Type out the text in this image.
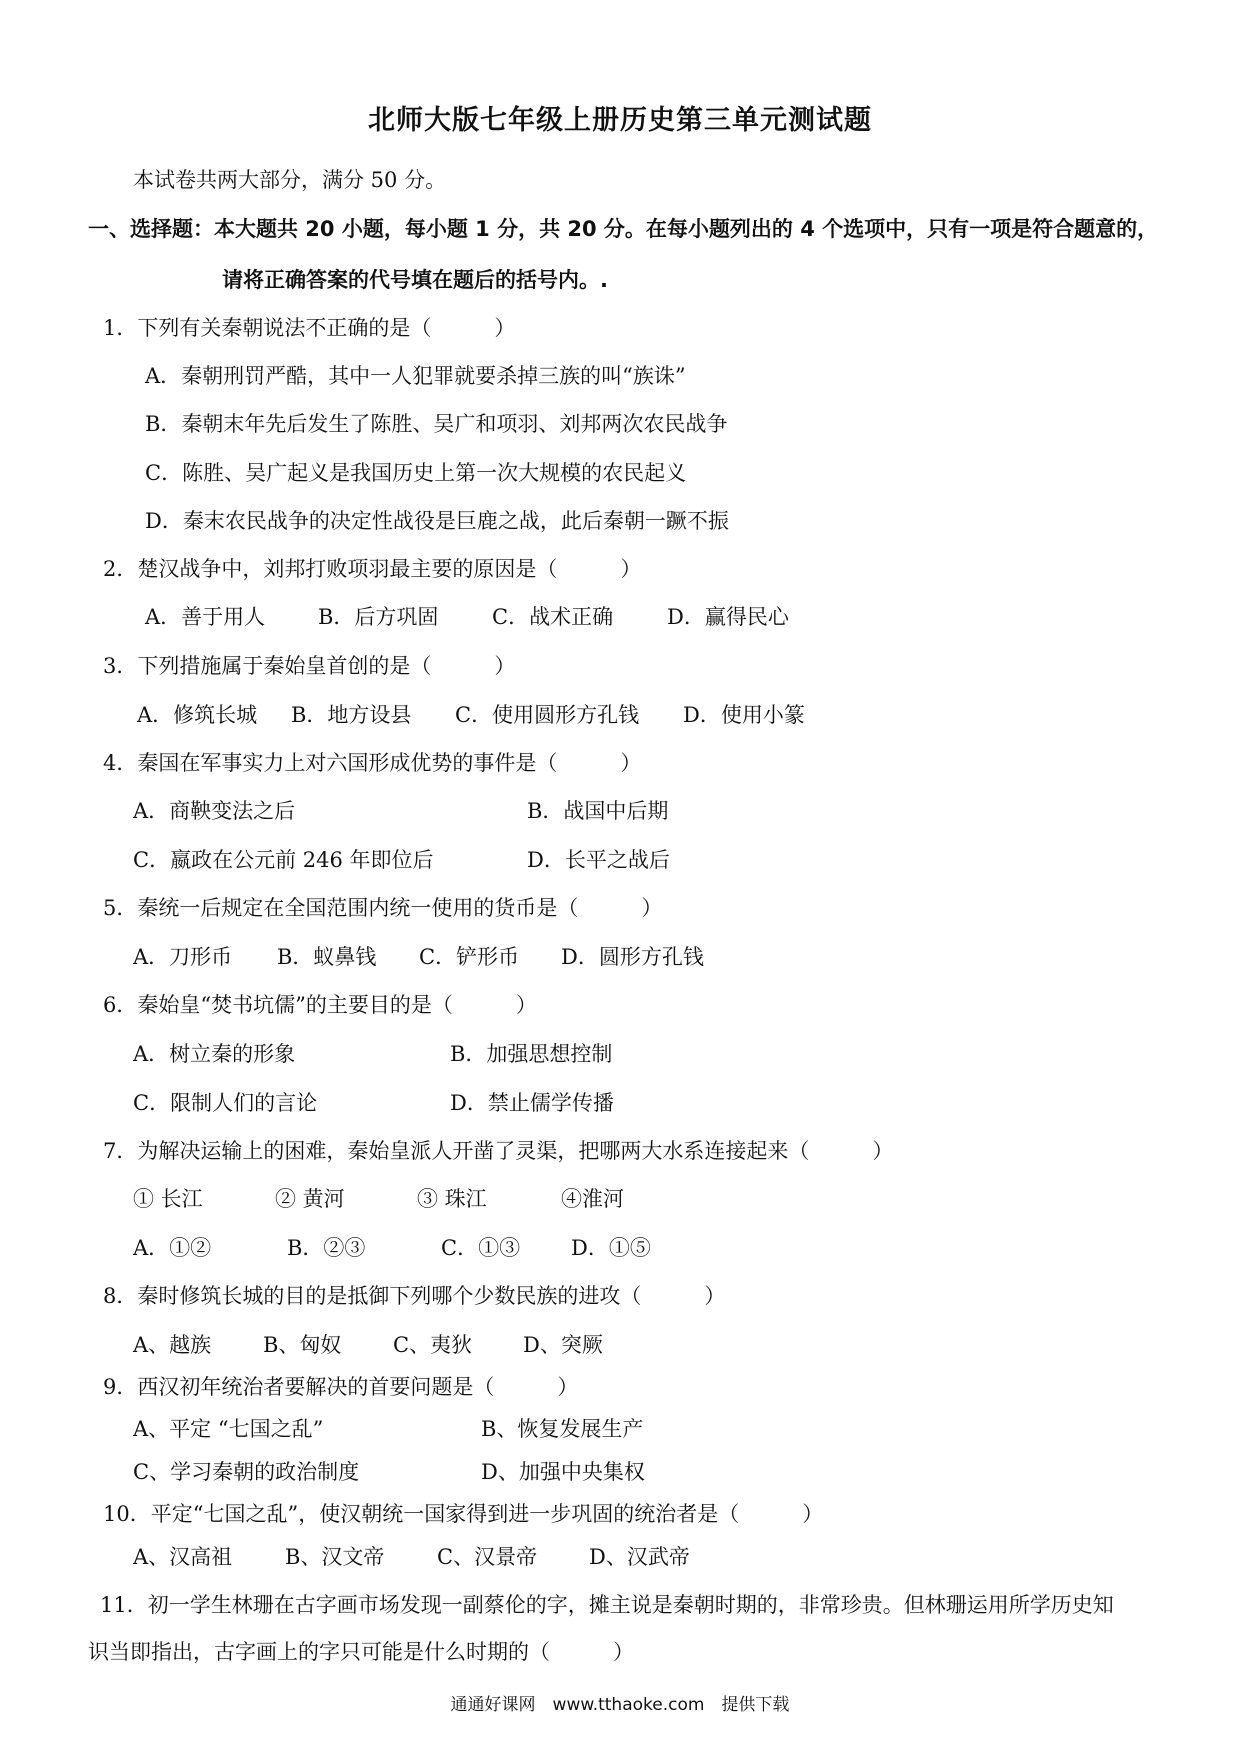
北师大版七年级上册历史第三单元测试题
本试卷共两大部分，满分 50 分。
一、选择题：本大题共 20 小题，每小题 1 分，共 20 分。在每小题列出的 4 个选项中，只有一项是符合题意的，
请将正确答案的代号填在题后的括号内。.
1．下列有关秦朝说法不正确的是（　　　）
A．秦朝刑罚严酷，其中一人犯罪就要杀掉三族的叫“族诛”
B．秦朝末年先后发生了陈胜、吴广和项羽、刘邦两次农民战争
C．陈胜、吴广起义是我国历史上第一次大规模的农民起义
D．秦末农民战争的决定性战役是巨鹿之战，此后秦朝一蹶不振
2．楚汉战争中，刘邦打败项羽最主要的原因是（　　　）
A．善于用人	B．后方巩固	C．战术正确	D．赢得民心
3．下列措施属于秦始皇首创的是（　　　）
A．修筑长城 B．地方设县 C．使用圆形方孔钱 D．使用小篆
4．秦国在军事实力上对六国形成优势的事件是（　　　）
A．商鞅变法之后	B．战国中后期
C．嬴政在公元前 246 年即位后	D．长平之战后
5．秦统一后规定在全国范围内统一使用的货币是（　　　）
A．刀形币 B．蚁鼻钱 C．铲形币 D．圆形方孔钱
6．秦始皇“焚书坑儒”的主要目的是（　　　）
A．树立秦的形象	B．加强思想控制
C．限制人们的言论	D．禁止儒学传播
7．为解决运输上的困难，秦始皇派人开凿了灵渠，把哪两大水系连接起来（　　　）
① 长江	② 黄河	③ 珠江	④淮河
A．①②	B．②③	C．①③ D．①⑤
8．秦时修筑长城的目的是抵御下列哪个少数民族的进攻（　　　）
A、越族 B、匈奴 C、夷狄 D、突厥
9．西汉初年统治者要解决的首要问题是（　　　）
A、平定 “七国之乱”	B、恢复发展生产
C、学习秦朝的政治制度	D、加强中央集权
10．平定“七国之乱”，使汉朝统一国家得到进一步巩固的统治者是（　　　）
A、汉高祖	B、汉文帝	C、汉景帝 D、汉武帝
11．初一学生林珊在古字画市场发现一副蔡伦的字，摊主说是秦朝时期的，非常珍贵。但林珊运用所学历史知
识当即指出，古字画上的字只可能是什么时期的（　　　）
通通好课网　www.tthaoke.com　提供下载
